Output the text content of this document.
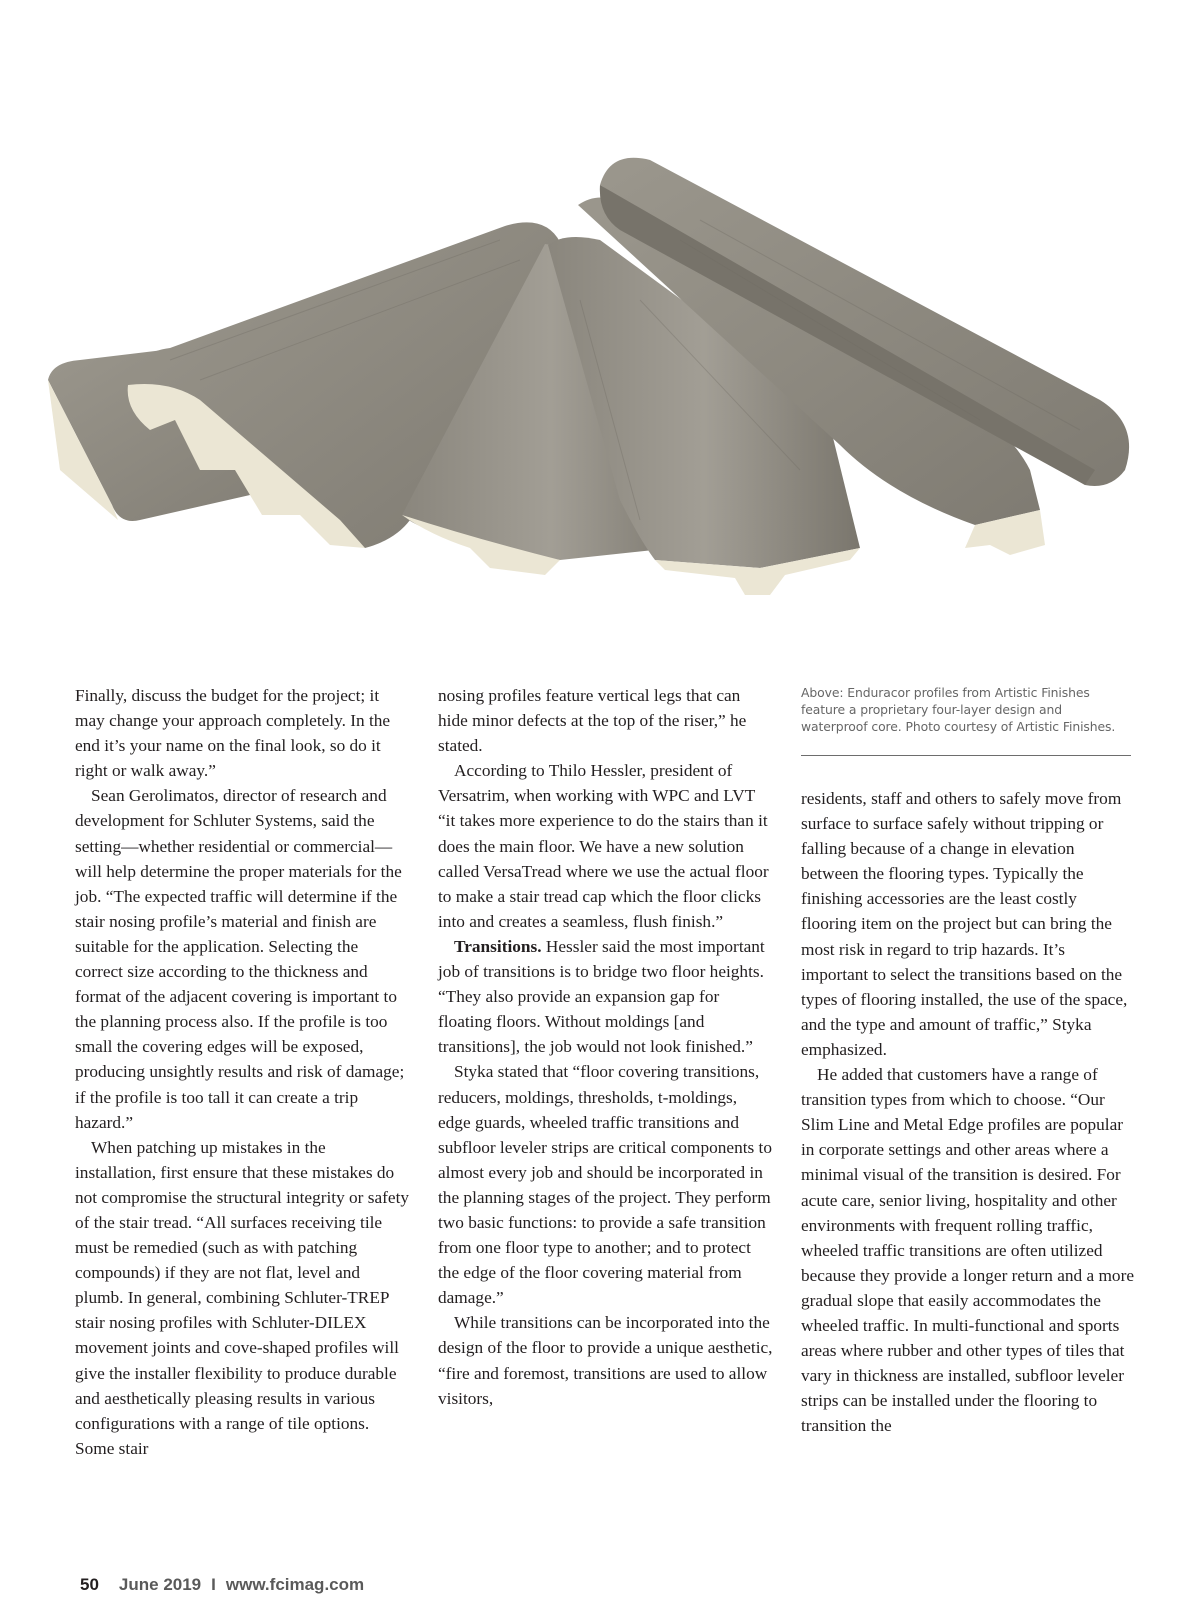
Finally, discuss the budget for the project; it may change your approach completely. In the end it’s your name on the final look, so do it right or walk away.”

Sean Gerolimatos, director of research and development for Schluter Systems, said the setting—whether residential or commercial—will help determine the proper materials for the job. “The expected traffic will determine if the stair nosing profile’s material and finish are suitable for the application. Selecting the correct size according to the thickness and format of the adjacent covering is important to the planning process also. If the profile is too small the covering edges will be exposed, producing unsightly results and risk of damage; if the profile is too tall it can create a trip hazard.”

When patching up mistakes in the installation, first ensure that these mistakes do not compromise the structural integrity or safety of the stair tread. “All surfaces receiving tile must be remedied (such as with patching compounds) if they are not flat, level and plumb. In general, combining Schluter-TREP stair nosing profiles with Schluter-DILEX movement joints and cove-shaped profiles will give the installer flexibility to produce durable and aesthetically pleasing results in various configurations with a range of tile options. Some stair

nosing profiles feature vertical legs that can hide minor defects at the top of the riser,” he stated.

According to Thilo Hessler, president of Versatrim, when working with WPC and LVT “it takes more experience to do the stairs than it does the main floor. We have a new solution called VersaTread where we use the actual floor to make a stair tread cap which the floor clicks into and creates a seamless, flush finish.”

Transitions. Hessler said the most important job of transitions is to bridge two floor heights. “They also provide an expansion gap for floating floors. Without moldings [and transitions], the job would not look finished.”

Styka stated that “floor covering transitions, reducers, moldings, thresholds, t-moldings, edge guards, wheeled traffic transitions and subfloor leveler strips are critical components to almost every job and should be incorporated in the planning stages of the project. They perform two basic functions: to provide a safe transition from one floor type to another; and to protect the edge of the floor covering material from damage.”

While transitions can be incorporated into the design of the floor to provide a unique aesthetic, “fire and foremost, transitions are used to allow visitors,

Above: Enduracor profiles from Artistic Finishes feature a proprietary four-layer design and waterproof core. Photo courtesy of Artistic Finishes.

residents, staff and others to safely move from surface to surface safely without tripping or falling because of a change in elevation between the flooring types. Typically the finishing accessories are the least costly flooring item on the project but can bring the most risk in regard to trip hazards. It’s important to select the transitions based on the types of flooring installed, the use of the space, and the type and amount of traffic,” Styka emphasized.

He added that customers have a range of transition types from which to choose. “Our Slim Line and Metal Edge profiles are popular in corporate settings and other areas where a minimal visual of the transition is desired. For acute care, senior living, hospitality and other environments with frequent rolling traffic, wheeled traffic transitions are often utilized because they provide a longer return and a more gradual slope that easily accommodates the wheeled traffic. In multi-functional and sports areas where rubber and other types of tiles that vary in thickness are installed, subfloor leveler strips can be installed under the flooring to transition the

50 June 2019 I www.fcimag.com
